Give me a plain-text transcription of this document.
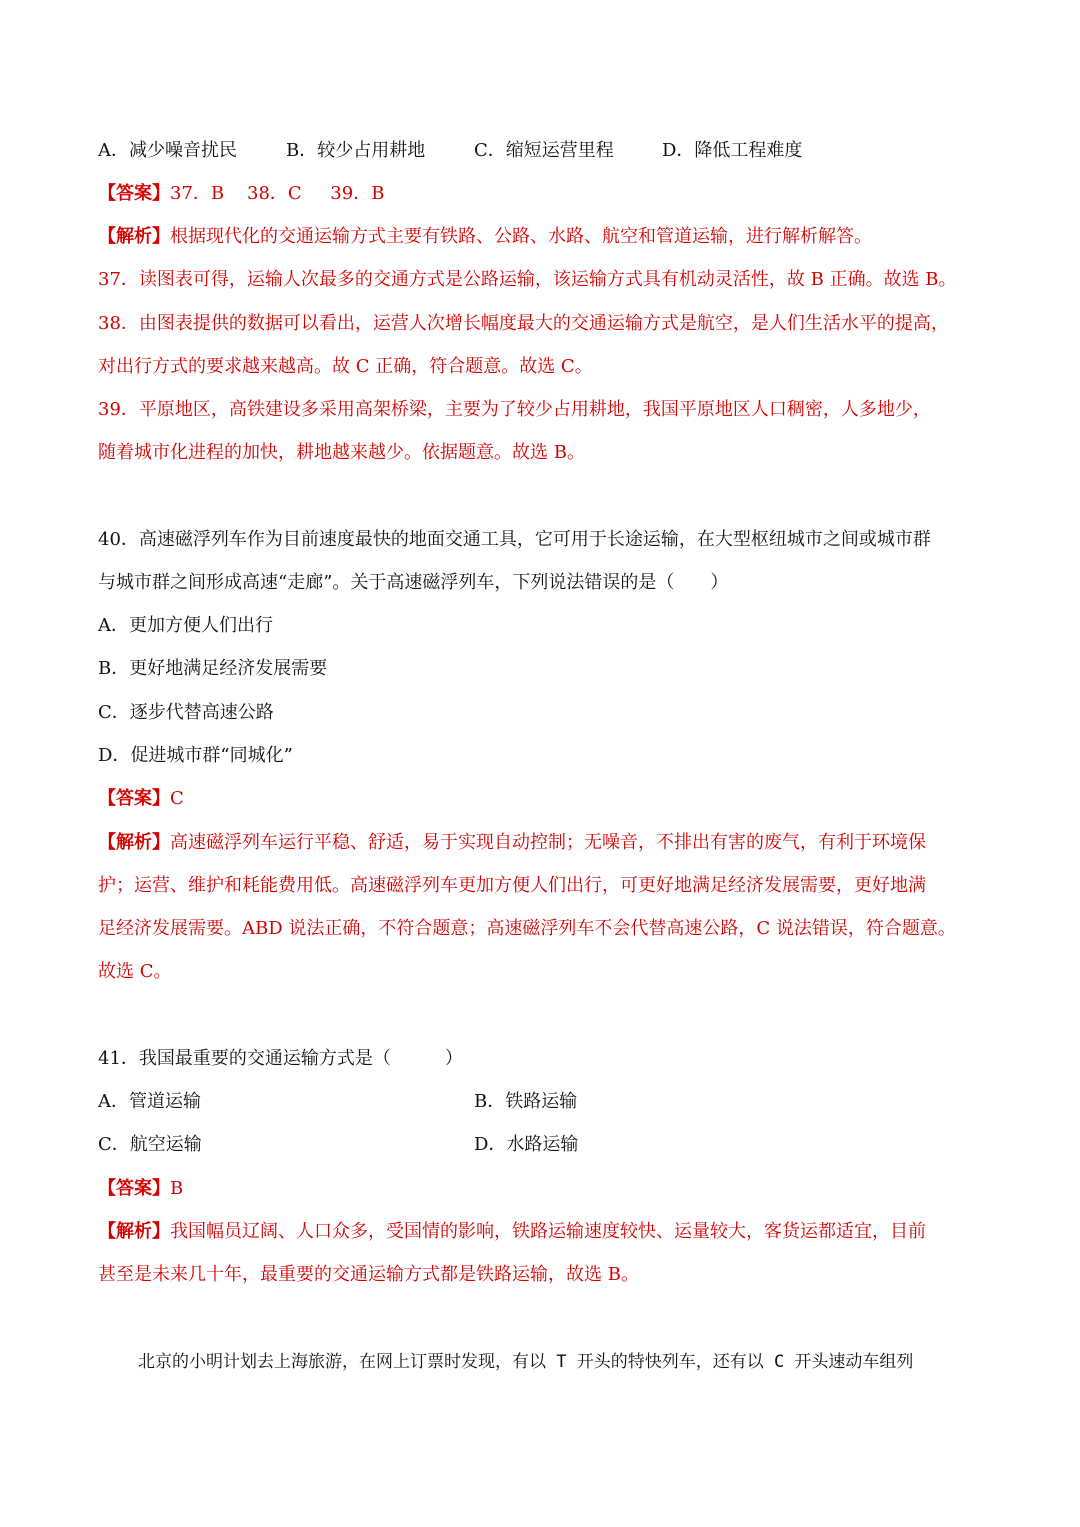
A．减少噪音扰民	B．较少占用耕地	C．缩短运营里程	D．降低工程难度
【答案】37．B    38．C     39．B
【解析】根据现代化的交通运输方式主要有铁路、公路、水路、航空和管道运输，进行解析解答。
37．读图表可得，运输人次最多的交通方式是公路运输，该运输方式具有机动灵活性，故 B 正确。故选 B。
38．由图表提供的数据可以看出，运营人次增长幅度最大的交通运输方式是航空，是人们生活水平的提高，
对出行方式的要求越来越高。故 C 正确，符合题意。故选 C。
39．平原地区，高铁建设多采用高架桥梁，主要为了较少占用耕地，我国平原地区人口稠密，人多地少，
随着城市化进程的加快，耕地越来越少。依据题意。故选 B。
40．高速磁浮列车作为目前速度最快的地面交通工具，它可用于长途运输，在大型枢纽城市之间或城市群
与城市群之间形成高速“走廊”。关于高速磁浮列车，下列说法错误的是（　　）
A．更加方便人们出行
B．更好地满足经济发展需要
C．逐步代替高速公路
D．促进城市群“同城化”
【答案】C
【解析】高速磁浮列车运行平稳、舒适，易于实现自动控制；无噪音，不排出有害的废气，有利于环境保
护；运营、维护和耗能费用低。高速磁浮列车更加方便人们出行，可更好地满足经济发展需要，更好地满
足经济发展需要。ABD 说法正确，不符合题意；高速磁浮列车不会代替高速公路，C 说法错误，符合题意。
故选 C。
41．我国最重要的交通运输方式是（　　　）
A．管道运输	B．铁路运输
C．航空运输	D．水路运输
【答案】B
【解析】我国幅员辽阔、人口众多，受国情的影响，铁路运输速度较快、运量较大，客货运都适宜，目前
甚至是未来几十年，最重要的交通运输方式都是铁路运输，故选 B。
北京的小明计划去上海旅游，在网上订票时发现，有以 T 开头的特快列车，还有以 C 开头速动车组列
